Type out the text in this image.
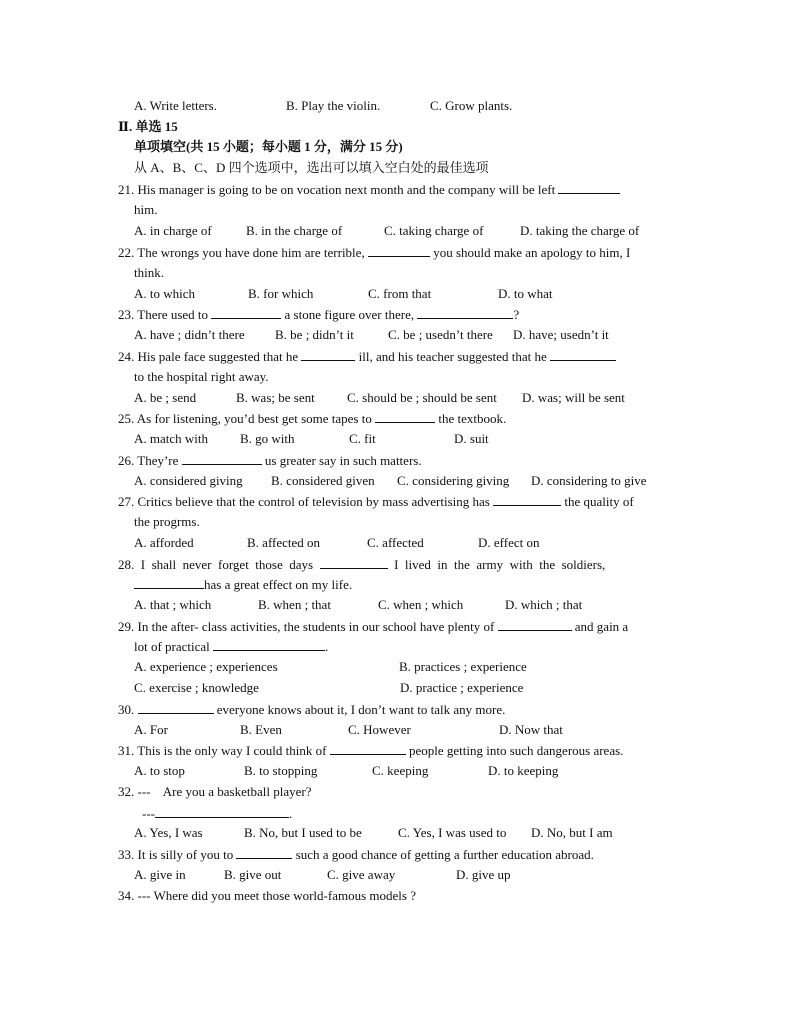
A. Write letters.	B. Play the violin.	C. Grow plants.
Ⅱ. 单选 15
单项填空(共 15 小题；每小题 1 分，满分 15 分)
从 A、B、C、D 四个选项中，选出可以填入空白处的最佳选项
21. His manager is going to be on vocation next month and the company will be left
him.
A. in charge of	B. in the charge of	C. taking charge of	D. taking the charge of
22. The wrongs you have done him are terrible,	you should make an apology to him, I
think.
A. to which	B. for which	C. from that	D. to what
23. There used to	a stone figure over there,	?
A. have ; didn’t there B. be ; didn’t it	C. be ; usedn’t there D. have; usedn’t it
24. His pale face suggested that he	ill, and his teacher suggested that he
to the hospital right away.
A. be ; send	B. was; be sent C. should be ; should be sent D. was; will be sent
25. As for listening, you’d best get some tapes to	the textbook.
A. match with B. go with	C. fit	D. suit
26. They’re	us greater say in such matters.
A. considered giving B. considered given C. considering giving D. considering to give
27. Critics believe that the control of television by mass advertising has	the quality of
the progrms.
A. afforded	B. affected on	C. affected	D. effect on
28.  I  shall  never  forget  those  days	I  lived  in  the  army  with  the  soldiers,
has a great effect on my life.
A. that ; which	B. when ; that	C. when ; which	D. which ; that
29. In the after- class activities, the students in our school have plenty of	and gain a
lot of practical	.
A. experience ; experiences	B. practices ; experience
C. exercise ; knowledge	D. practice ; experience
30.	everyone knows about it, I don’t want to talk any more.
A. For	B. Even	C. However	D. Now that
31. This is the only way I could think of	people getting into such dangerous areas.
A. to stop	B. to stopping	C. keeping	D. to keeping
32. ---    Are you a basketball player?
---	.
A. Yes, I was	B. No, but I used to be	C. Yes, I was used to D. No, but I am
33. It is silly of you to	such a good chance of getting a further education abroad.
A. give in	B. give out	C. give away	D. give up
34. --- Where did you meet those world-famous models ?
